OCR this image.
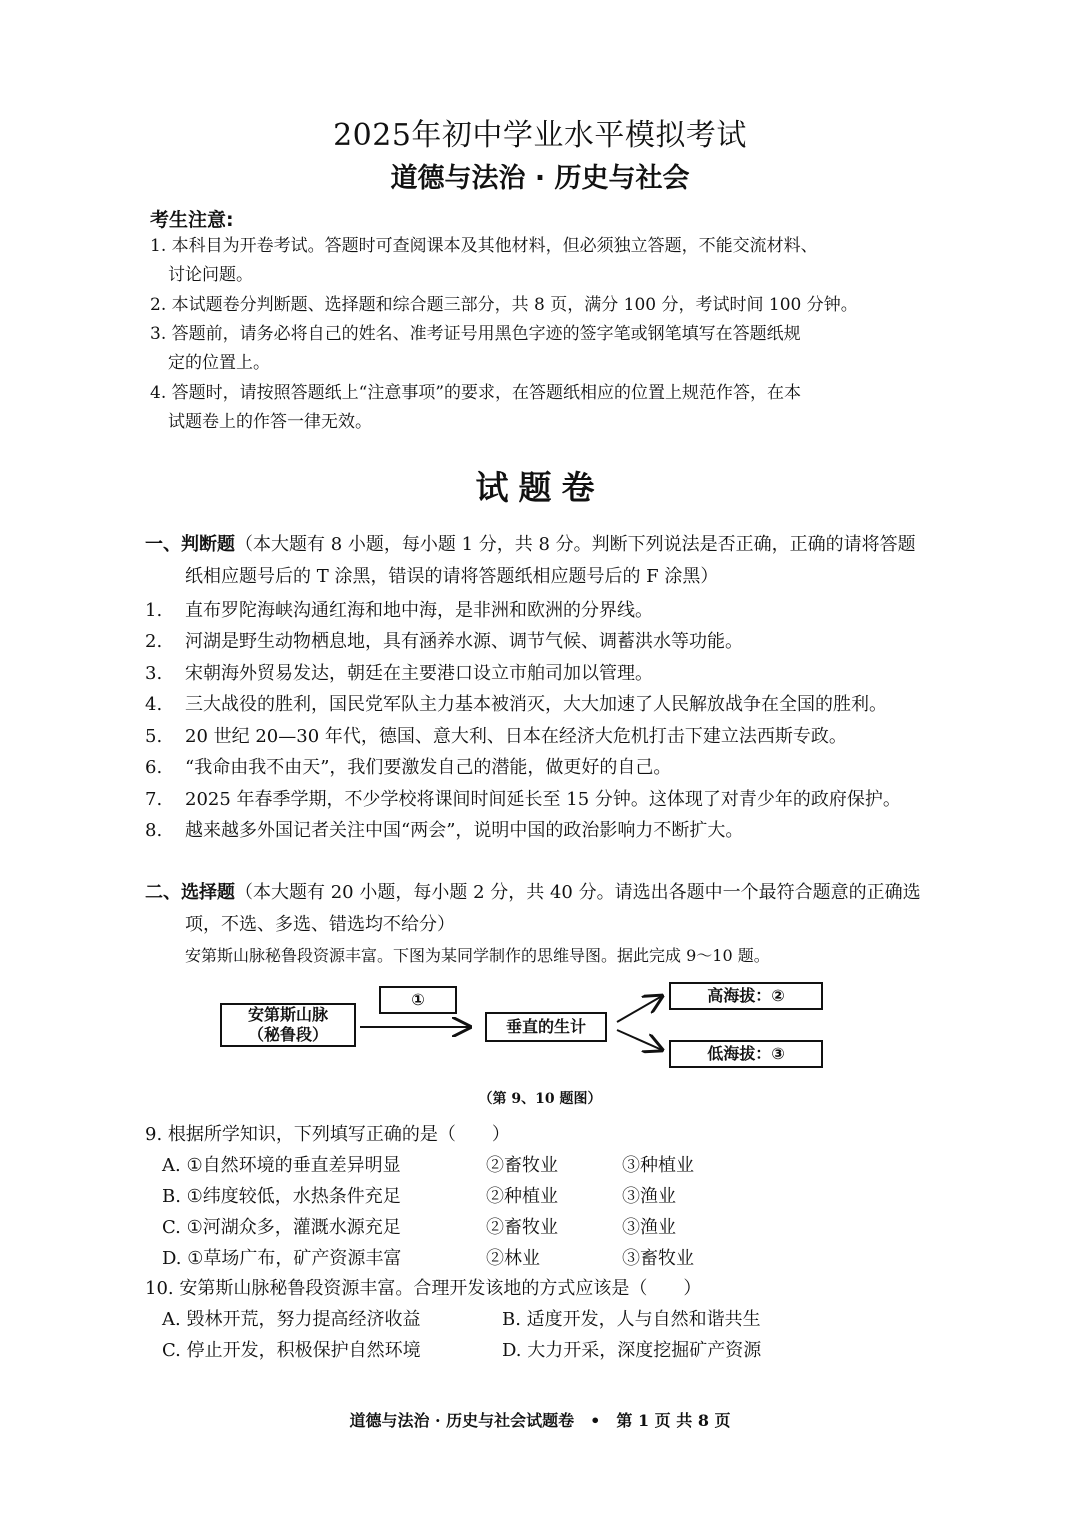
2025年初中学业水平模拟考试
道德与法治 · 历史与社会
考生注意:
1. 本科目为开卷考试。答题时可查阅课本及其他材料，但必须独立答题，不能交流材料、
讨论问题。
2. 本试题卷分判断题、选择题和综合题三部分，共 8 页，满分 100 分，考试时间 100 分钟。
3. 答题前，请务必将自己的姓名、准考证号用黑色字迹的签字笔或钢笔填写在答题纸规
定的位置上。
4. 答题时，请按照答题纸上“注意事项”的要求，在答题纸相应的位置上规范作答，在本
试题卷上的作答一律无效。
试题卷
一、判断题（本大题有 8 小题，每小题 1 分，共 8 分。判断下列说法是否正确，正确的请将答题
纸相应题号后的 T 涂黑，错误的请将答题纸相应题号后的 F 涂黑）
1. 直布罗陀海峡沟通红海和地中海，是非洲和欧洲的分界线。
2. 河湖是野生动物栖息地，具有涵养水源、调节气候、调蓄洪水等功能。
3. 宋朝海外贸易发达，朝廷在主要港口设立市舶司加以管理。
4. 三大战役的胜利，国民党军队主力基本被消灭，大大加速了人民解放战争在全国的胜利。
5. 20 世纪 20—30 年代，德国、意大利、日本在经济大危机打击下建立法西斯专政。
6. “我命由我不由天”，我们要激发自己的潜能，做更好的自己。
7. 2025 年春季学期，不少学校将课间时间延长至 15 分钟。这体现了对青少年的政府保护。
8. 越来越多外国记者关注中国“两会”，说明中国的政治影响力不断扩大。
二、选择题（本大题有 20 小题，每小题 2 分，共 40 分。请选出各题中一个最符合题意的正确选
项，不选、多选、错选均不给分）
安第斯山脉秘鲁段资源丰富。下图为某同学制作的思维导图。据此完成 9～10 题。
安第斯山脉
（秘鲁段）
①
垂直的生计
高海拔：②
低海拔：③
（第 9、10 题图）
9. 根据所学知识，下列填写正确的是（　　）
A. ①自然环境的垂直差异明显	②畜牧业	③种植业
B. ①纬度较低，水热条件充足	②种植业	③渔业
C. ①河湖众多，灌溉水源充足	②畜牧业	③渔业
D. ①草场广布，矿产资源丰富	②林业	③畜牧业
10. 安第斯山脉秘鲁段资源丰富。合理开发该地的方式应该是（　　）
A. 毁林开荒，努力提高经济收益	B. 适度开发，人与自然和谐共生
C. 停止开发，积极保护自然环境	D. 大力开采，深度挖掘矿产资源
道德与法治 · 历史与社会试题卷　•　第 1 页 共 8 页
